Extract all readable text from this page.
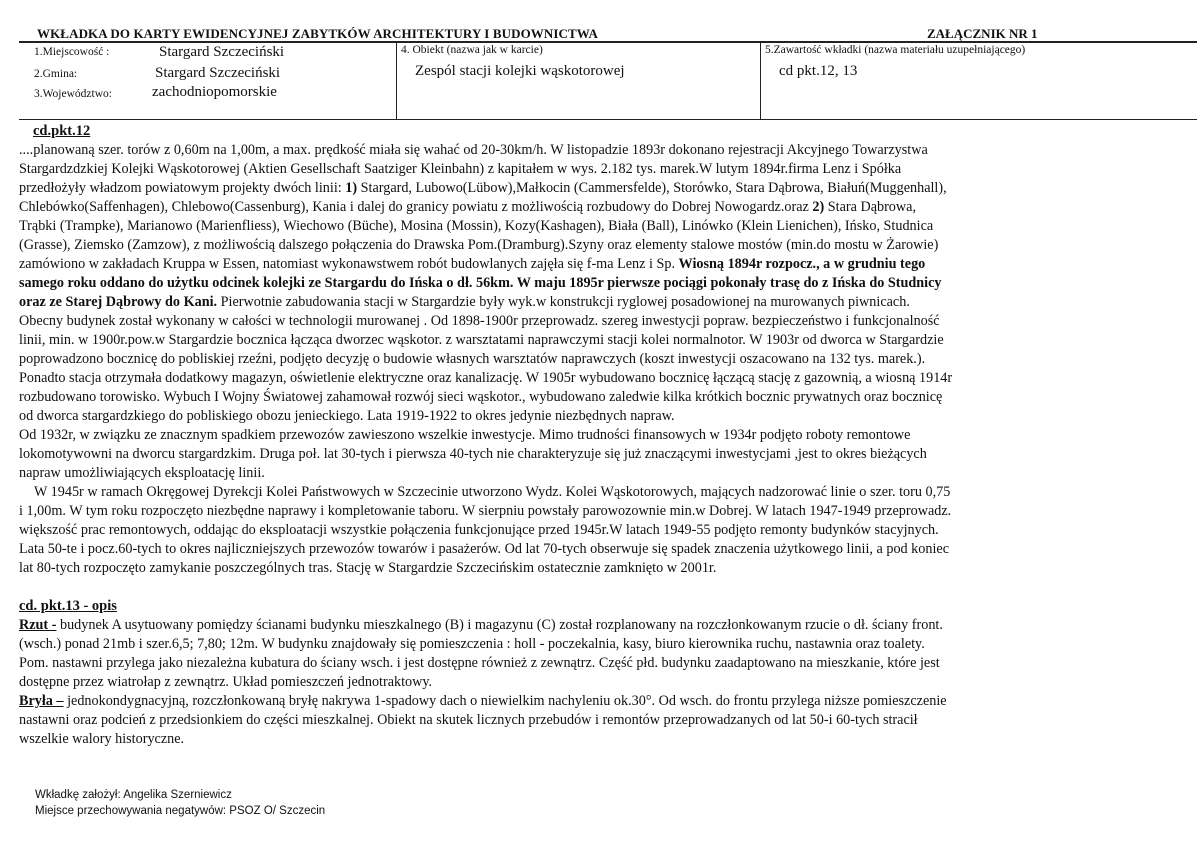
WKŁADKA DO KARTY EWIDENCYJNEJ ZABYTKÓW ARCHITEKTURY I BUDOWNICTWA	ZAŁĄCZNIK NR 1
1.Miejscowość :	Stargard Szczeciński
2.Gmina:	Stargard Szczeciński
3.Województwo:	zachodniopomorskie
4. Obiekt (nazwa jak w karcie)
Zespól stacji kolejki wąskotorowej
5.Zawartość wkładki (nazwa materiału uzupełniającego)
cd pkt.12, 13
cd.pkt.12
....planowaną szer. torów z 0,60m na 1,00m, a max. prędkość miała się wahać od 20-30km/h. W listopadzie 1893r dokonano rejestracji Akcyjnego Towarzystwa
Stargardzdzkiej Kolejki Wąskotorowej (Aktien Gesellschaft Saatziger Kleinbahn) z kapitałem w wys. 2.182 tys. marek.W lutym 1894r.firma Lenz i Spółka
przedłożyły władzom powiatowym projekty dwóch linii: 1) Stargard, Lubowo(Lübow),Małkocin (Cammersfelde), Storówko, Stara Dąbrowa, Białuń(Muggenhall),
Chlebówko(Saffenhagen), Chlebowo(Cassenburg), Kania i dalej do granicy powiatu z możliwością rozbudowy do Dobrej Nowogardz.oraz 2) Stara Dąbrowa,
Trąbki (Trampke), Marianowo (Marienfliess), Wiechowo (Büche), Mosina (Mossin), Kozy(Kashagen), Biała (Ball), Linówko (Klein Lienichen), Ińsko, Studnica
(Grasse), Ziemsko (Zamzow), z możliwością dalszego połączenia do Drawska Pom.(Dramburg).Szyny oraz elementy stalowe mostów (min.do mostu w Żarowie)
zamówiono w zakładach Kruppa w Essen, natomiast wykonawstwem robót budowlanych zajęła się f-ma Lenz i Sp. Wiosną 1894r rozpocz., a w grudniu tego
samego roku oddano do użytku odcinek kolejki ze Stargardu do Ińska o dł. 56km. W maju 1895r pierwsze pociągi pokonały trasę do z Ińska do Studnicy
oraz ze Starej Dąbrowy do Kani. Pierwotnie zabudowania stacji w Stargardzie były wyk.w konstrukcji ryglowej posadowionej na murowanych piwnicach.
Obecny budynek został wykonany w całości w technologii murowanej . Od 1898-1900r przeprowadz. szereg inwestycji popraw. bezpieczeństwo i funkcjonalność
linii, min. w 1900r.pow.w Stargardzie bocznica łącząca dworzec wąskotor. z warsztatami naprawczymi stacji kolei normalnotor. W 1903r od dworca w Stargardzie
poprowadzono bocznicę do pobliskiej rzeźni, podjęto decyzję o budowie własnych warsztatów naprawczych (koszt inwestycji oszacowano na 132 tys. marek.).
Ponadto stacja otrzymała dodatkowy magazyn, oświetlenie elektryczne oraz kanalizację. W 1905r wybudowano bocznicę łączącą stację z gazownią, a wiosną 1914r
rozbudowano torowisko. Wybuch I Wojny Światowej zahamował rozwój sieci wąskotor., wybudowano zaledwie kilka krótkich bocznic prywatnych oraz bocznicę
od dworca stargardzkiego do pobliskiego obozu jenieckiego. Lata 1919-1922 to okres jedynie niezbędnych napraw.
Od 1932r, w związku ze znacznym spadkiem przewozów zawieszono wszelkie inwestycje. Mimo trudności finansowych w 1934r podjęto roboty remontowe
lokomotywowni na dworcu stargardzkim. Druga poł. lat 30-tych i pierwsza 40-tych nie charakteryzuje się już znaczącymi inwestycjami ,jest to okres bieżących
napraw umożliwiających eksploatację linii.
W 1945r w ramach Okręgowej Dyrekcji Kolei Państwowych w Szczecinie utworzono Wydz. Kolei Wąskotorowych, mających nadzorować linie o szer. toru 0,75
i 1,00m. W tym roku rozpoczęto niezbędne naprawy i kompletowanie taboru. W sierpniu powstały parowozownie min.w Dobrej. W latach 1947-1949 przeprowadz.
większość prac remontowych, oddając do eksploatacji wszystkie połączenia funkcjonujące przed 1945r.W latach 1949-55 podjęto remonty budynków stacyjnych.
Lata 50-te i pocz.60-tych to okres najliczniejszych przewozów towarów i pasażerów. Od lat 70-tych obserwuje się spadek znaczenia użytkowego linii, a pod koniec
lat 80-tych rozpoczęto zamykanie poszczególnych tras. Stację w Stargardzie Szczecińskim ostatecznie zamknięto w 2001r.
cd. pkt.13 - opis
Rzut - budynek A usytuowany pomiędzy ścianami budynku mieszkalnego (B) i magazynu (C) został rozplanowany na rozczłonkowanym rzucie o dł. ściany front.
(wsch.) ponad 21mb i szer.6,5; 7,80; 12m. W budynku znajdowały się pomieszczenia : holl - poczekalnia, kasy, biuro kierownika ruchu, nastawnia oraz toalety.
Pom. nastawni przylega jako niezależna kubatura do ściany wsch. i jest dostępne również z zewnątrz. Część płd. budynku zaadaptowano na mieszkanie, które jest
dostępne przez wiatrołap z zewnątrz. Układ pomieszczeń jednotraktowy.
Bryła – jednokondygnacyjną, rozczłonkowaną bryłę nakrywa 1-spadowy dach o niewielkim nachyleniu ok.30°. Od wsch. do frontu przylega niższe pomieszczenie
nastawni oraz podcień z przedsionkiem do części mieszkalnej. Obiekt na skutek licznych przebudów i remontów przeprowadzanych od lat 50-i 60-tych stracił
wszelkie walory historyczne.
Wkładkę założył: Angelika Szerniewicz
Miejsce przechowywania negatywów: PSOZ O/ Szczecin
